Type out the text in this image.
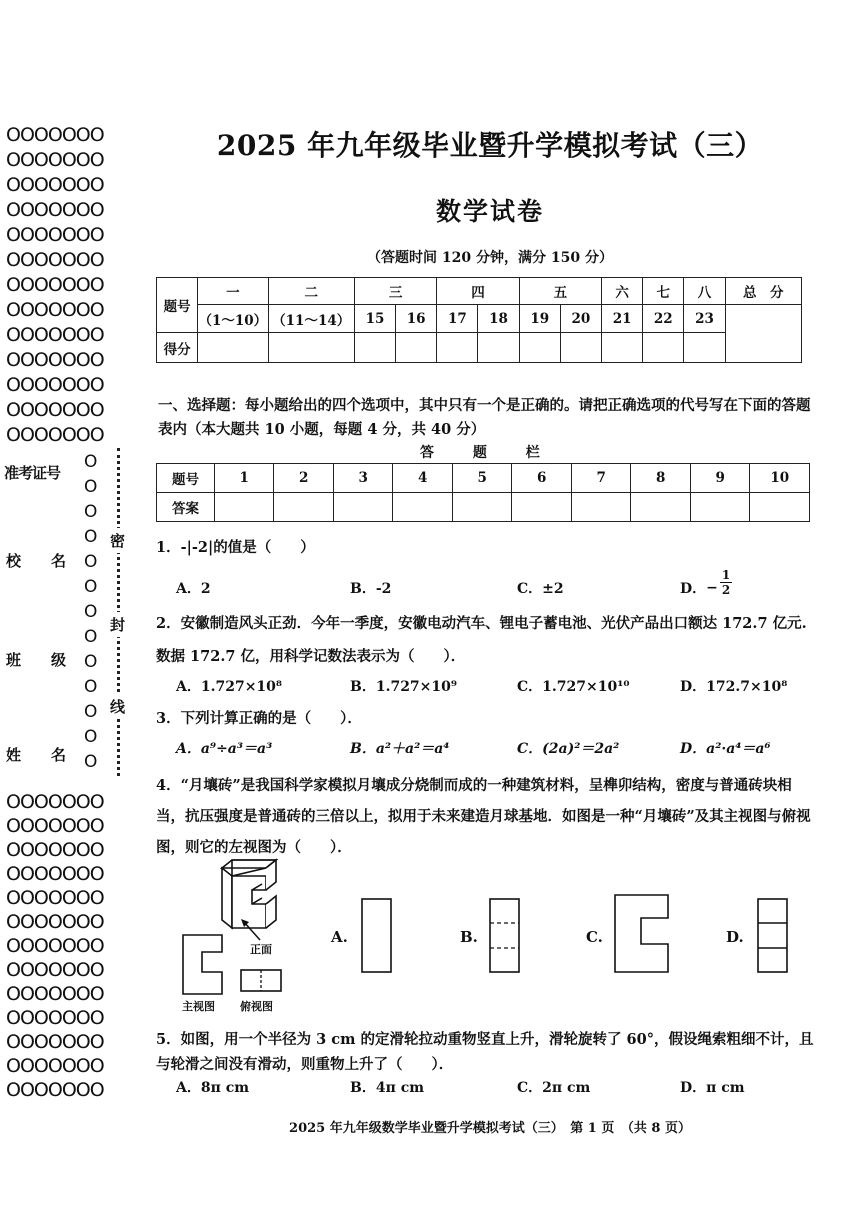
OOOOOOO
OOOOOOO
OOOOOOO
OOOOOOO
OOOOOOO
OOOOOOO
OOOOOOO
OOOOOOO
OOOOOOO
OOOOOOO
OOOOOOO
OOOOOOO
OOOOOOO
O
O
O
O
O
O
O
O
O
O
O
O
O
密
封
线
准考证号
校　　名
班　　级
姓　　名
OOOOOOO
OOOOOOO
OOOOOOO
OOOOOOO
OOOOOOO
OOOOOOO
OOOOOOO
OOOOOOO
OOOOOOO
OOOOOOO
OOOOOOO
OOOOOOO
OOOOOOO
2025 年九年级毕业暨升学模拟考试（三）
数学试卷
（答题时间 120 分钟，满分 150 分）
题号	一	二	三		四		五		六	七	八	总　分
	（1～10）	（11～14）	15	16	17	18	19	20	21	22	23	
得分												
一、选择题：每小题给出的四个选项中，其中只有一个是正确的。请把正确选项的代号写在下面的答题表内（本大题共 10 小题，每题 4 分，共 40 分）
答 题 栏
题号	1	2	3	4	5	6	7	8	9	10
答案										
1．-|-2|的值是（　　）
A．2	B．-2	C．±2	D． − $\frac{1}{2}$
2．安徽制造风头正劲．今年一季度，安徽电动汽车、锂电子蓄电池、光伏产品出口额达 172.7 亿元.数据 172.7 亿，用科学记数法表示为（　　）．
A．1.727×10⁸	B．1.727×10⁹	C．1.727×10¹⁰	D．172.7×10⁸
3．下列计算正确的是（　　）．
A．a⁹÷a³＝a³	B．a²＋a²＝a⁴	C．(2a)²＝2a²	D．a²·a⁴＝a⁶
4．“月壤砖”是我国科学家模拟月壤成分烧制而成的一种建筑材料，呈榫卯结构，密度与普通砖块相当，抗压强度是普通砖的三倍以上，拟用于未来建造月球基地．如图是一种“月壤砖”及其主视图与俯视图，则它的左视图为（　　）．
正面
主视图 俯视图
A.	B.	C.	D.
5．如图，用一个半径为 3 cm 的定滑轮拉动重物竖直上升，滑轮旋转了 60°，假设绳索粗细不计，且与轮滑之间没有滑动，则重物上升了（　　）．
A．8π cm	B．4π cm	C．2π cm	D．π cm
2025 年九年级数学毕业暨升学模拟考试（三）　第 1 页　（共 8 页）
